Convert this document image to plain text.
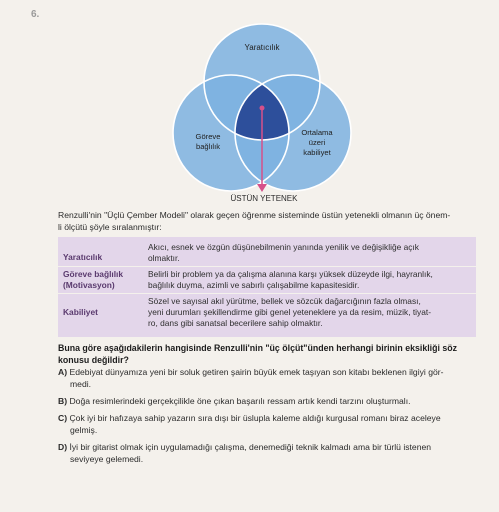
6.
Yaratıcılık
Göreve
bağlılık
Ortalama
üzeri
kabiliyet
ÜSTÜN YETENEK
Renzulli'nin "Üçlü Çember Modeli" olarak geçen öğrenme sisteminde üstün yetenekli olmanın üç önem-
li ölçütü şöyle sıralanmıştır:
Yaratıcılık
Akıcı, esnek ve özgün düşünebilmenin yanında yenilik ve değişikliğe açık
olmaktır.
Göreve bağlılık
(Motivasyon)
Belirli bir problem ya da çalışma alanına karşı yüksek düzeyde ilgi, hayranlık,
bağlılık duyma, azimli ve sabırlı çalışabilme kapasitesidir.
Kabiliyet
Sözel ve sayısal akıl yürütme, bellek ve sözcük dağarcığının fazla olması,
yeni durumları şekillendirme gibi genel yeteneklere ya da resim, müzik, tiyat-
ro, dans gibi sanatsal becerilere sahip olmaktır.
Buna göre aşağıdakilerin hangisinde Renzulli'nin "üç ölçüt"ünden herhangi birinin eksikliği söz
konusu değildir?
A) Edebiyat dünyamıza yeni bir soluk getiren şairin büyük emek taşıyan son kitabı beklenen ilgiyi gör-
medi.
B) Doğa resimlerindeki gerçekçilikle öne çıkan başarılı ressam artık kendi tarzını oluşturmalı.
C) Çok iyi bir hafızaya sahip yazarın sıra dışı bir üslupla kaleme aldığı kurgusal romanı biraz aceleye
gelmiş.
D) İyi bir gitarist olmak için uygulamadığı çalışma, denemediği teknik kalmadı ama bir türlü istenen
seviyeye gelemedi.
